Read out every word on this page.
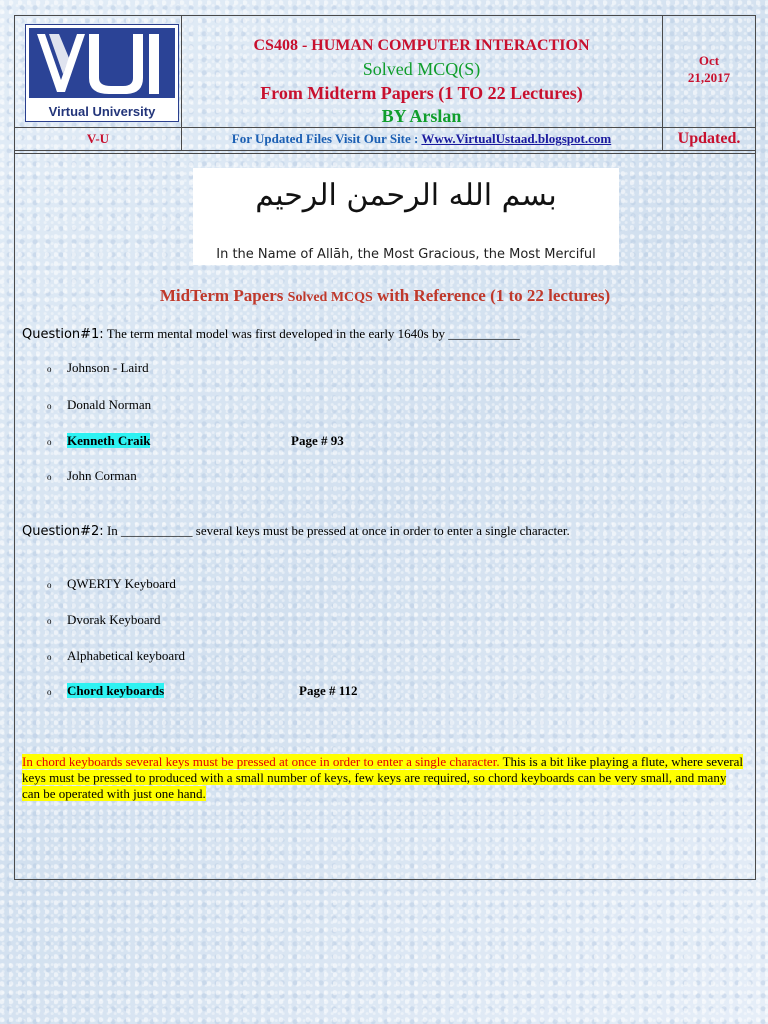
Virtual University
CS408 - HUMAN COMPUTER INTERACTION
Solved MCQ(S)
From Midterm Papers (1 TO 22 Lectures)
BY Arslan
Oct
21,2017
V-U	For Updated Files Visit Our Site : Www.VirtualUstaad.blogspot.com	Updated.
بسم الله الرحمن الرحيم
In the Name of Allāh, the Most Gracious, the Most Merciful
MidTerm Papers Solved MCQS with Reference (1 to 22 lectures)
Question#1: The term mental model was first developed in the early 1640s by ___________
o Johnson - Laird
o Donald Norman
o Kenneth Craik	Page # 93
o John Corman
Question#2: In ___________ several keys must be pressed at once in order to enter a single character.
o QWERTY Keyboard
o Dvorak Keyboard
o Alphabetical keyboard
o Chord keyboards	Page # 112
In chord keyboards several keys must be pressed at once in order to enter a single character. This is a bit like playing a flute, where several keys must be pressed to produced with a small number of keys, few keys are required, so chord keyboards can be very small, and many can be operated with just one hand.
